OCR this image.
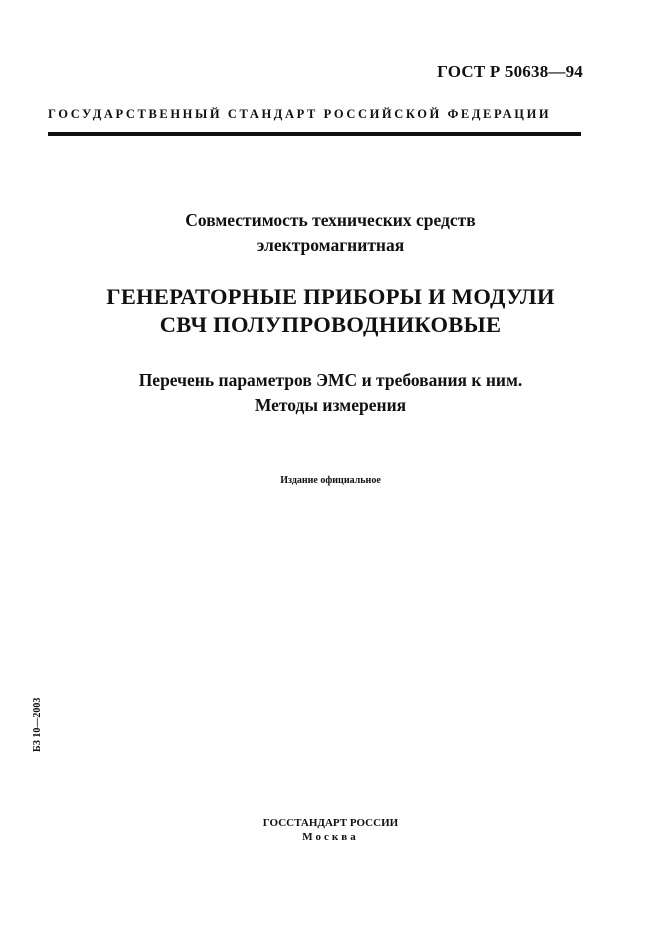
ГОСТ Р 50638—94
ГОСУДАРСТВЕННЫЙ СТАНДАРТ РОССИЙСКОЙ ФЕДЕРАЦИИ
Совместимость технических средств
электромагнитная
ГЕНЕРАТОРНЫЕ ПРИБОРЫ И МОДУЛИ
СВЧ ПОЛУПРОВОДНИКОВЫЕ
Перечень параметров ЭМС и требования к ним.
Методы измерения
Издание официальное
БЗ 10—2003
ГОССТАНДАРТ РОССИИ
Москва
